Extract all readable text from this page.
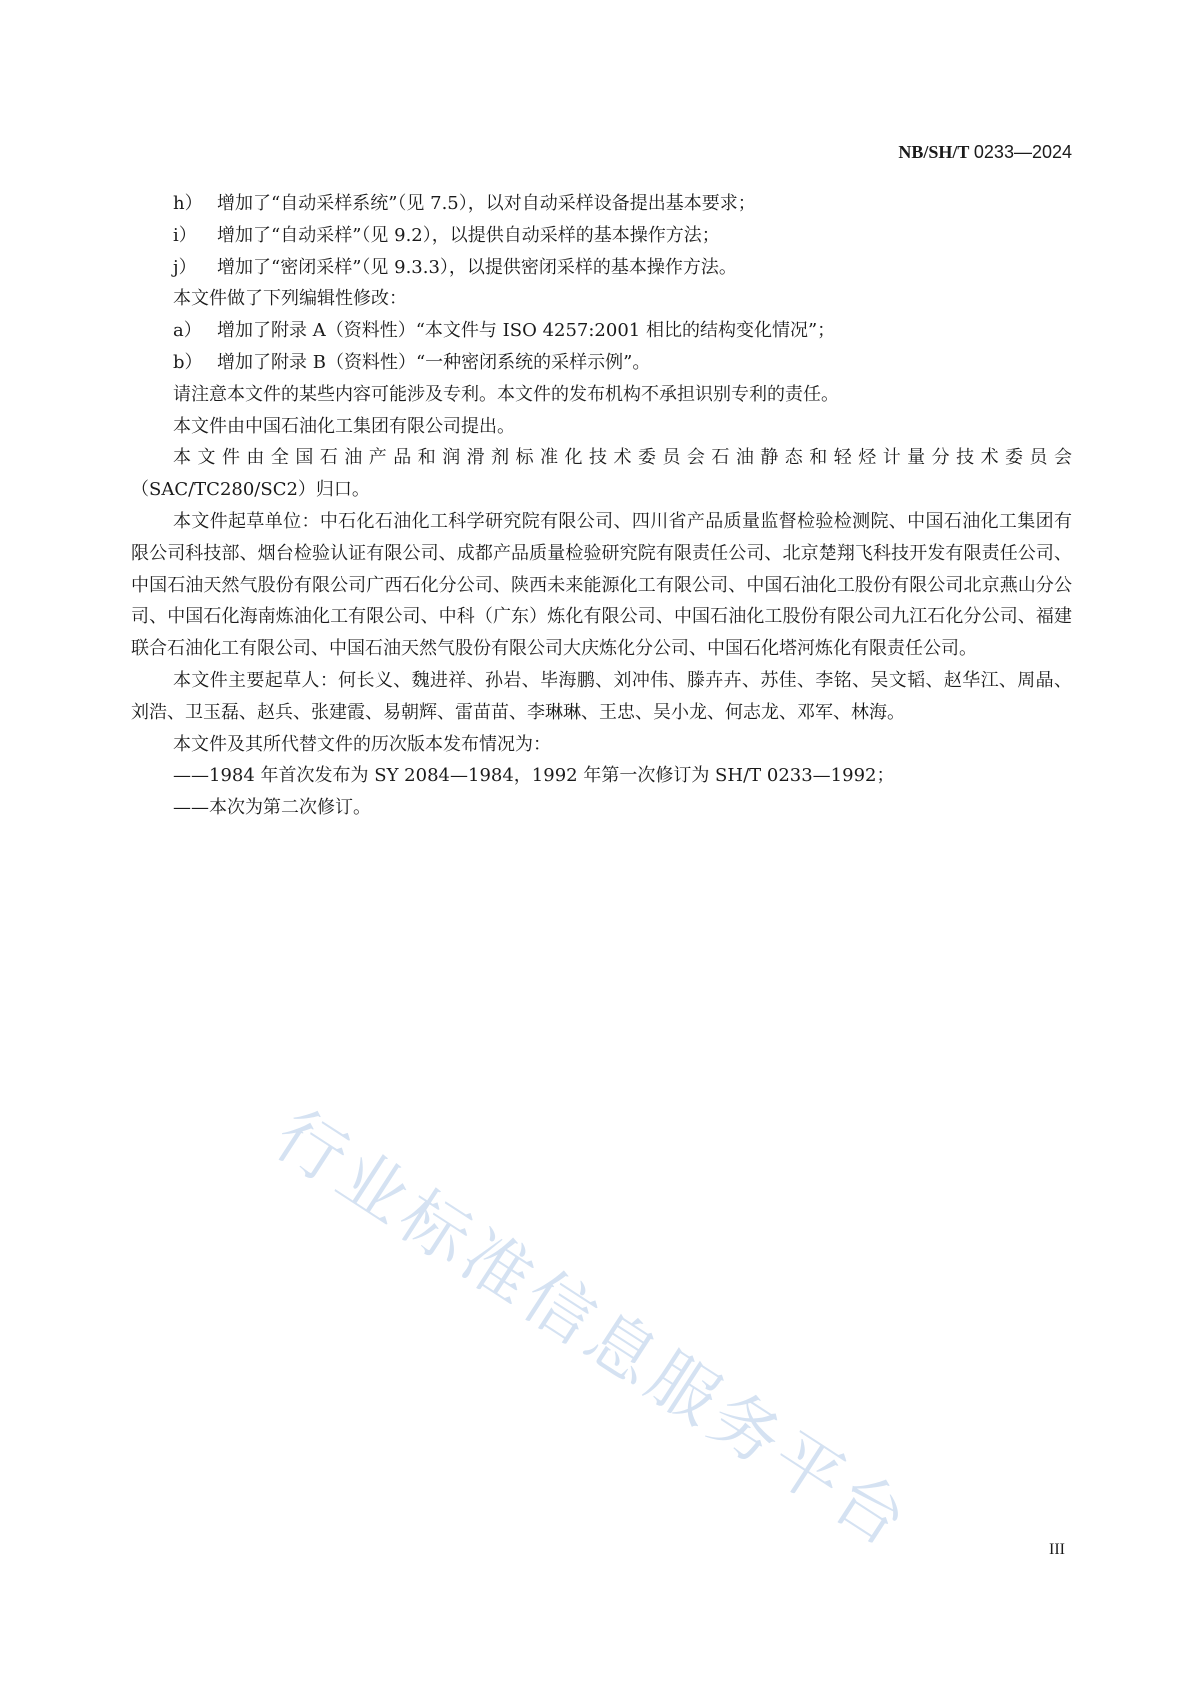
NB/SH/T 0233—2024
h） 增加了“自动采样系统”（见 7.5），以对自动采样设备提出基本要求；
i） 增加了“自动采样”（见 9.2），以提供自动采样的基本操作方法；
j） 增加了“密闭采样”（见 9.3.3），以提供密闭采样的基本操作方法。
本文件做了下列编辑性修改：
a） 增加了附录 A（资料性）“本文件与 ISO 4257:2001 相比的结构变化情况”；
b） 增加了附录 B（资料性）“一种密闭系统的采样示例”。
请注意本文件的某些内容可能涉及专利。本文件的发布机构不承担识别专利的责任。
本文件由中国石油化工集团有限公司提出。
本文件由全国石油产品和润滑剂标准化技术委员会石油静态和轻烃计量分技术委员会
（SAC/TC280/SC2）归口。
本文件起草单位：中石化石油化工科学研究院有限公司、四川省产品质量监督检验检测院、中国石油化工集团有限公司科技部、烟台检验认证有限公司、成都产品质量检验研究院有限责任公司、北京楚翔飞科技开发有限责任公司、中国石油天然气股份有限公司广西石化分公司、陕西未来能源化工有限公司、中国石油化工股份有限公司北京燕山分公司、中国石化海南炼油化工有限公司、中科（广东）炼化有限公司、中国石油化工股份有限公司九江石化分公司、福建联合石油化工有限公司、中国石油天然气股份有限公司大庆炼化分公司、中国石化塔河炼化有限责任公司。
本文件主要起草人：何长义、魏进祥、孙岩、毕海鹏、刘冲伟、滕卉卉、苏佳、李铭、吴文韬、赵华江、周晶、刘浩、卫玉磊、赵兵、张建霞、易朝辉、雷苗苗、李琳琳、王忠、吴小龙、何志龙、邓军、林海。
本文件及其所代替文件的历次版本发布情况为：
——1984 年首次发布为 SY 2084—1984，1992 年第一次修订为 SH/T 0233—1992；
——本次为第二次修订。
行业标准信息服务平台	III
